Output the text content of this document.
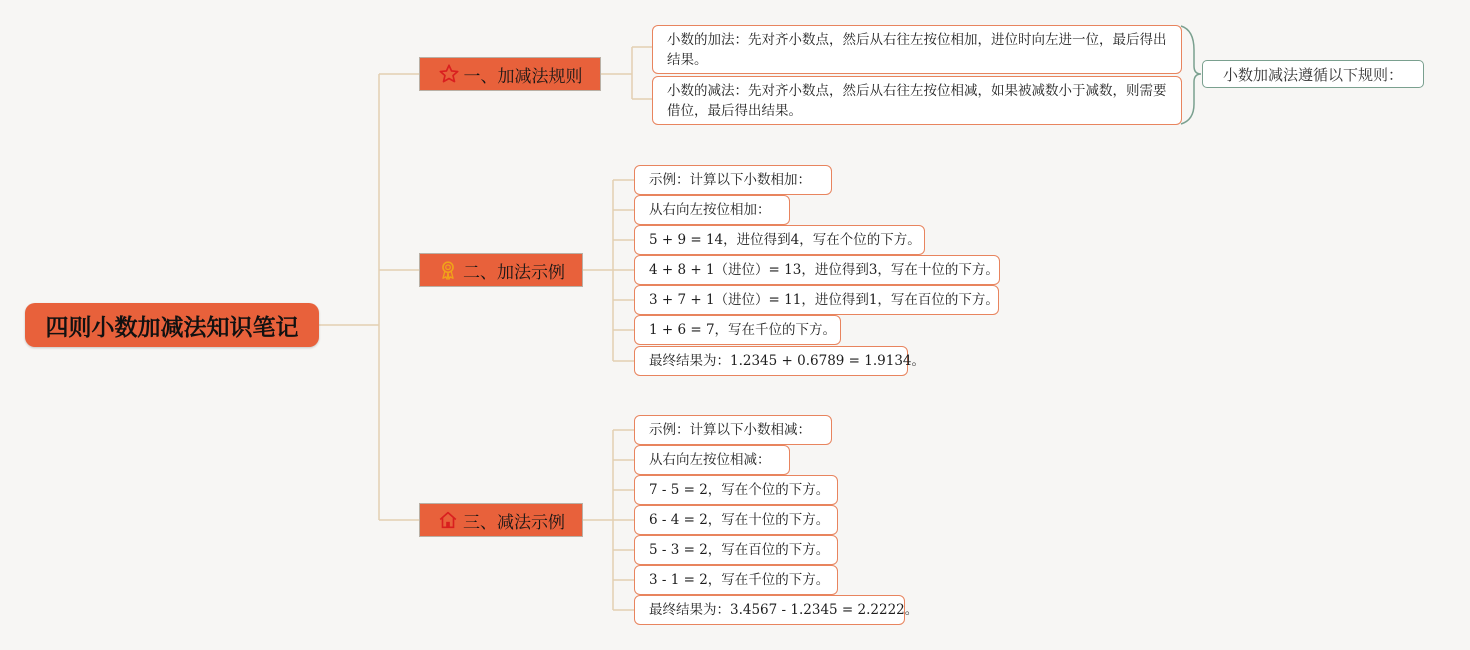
四则小数加减法知识笔记
一、加减法规则
小数的加法：先对齐小数点，然后从右往左按位相加，进位时向左进一位，最后得出结果。
小数的减法：先对齐小数点，然后从右往左按位相减，如果被减数小于减数，则需要借位，最后得出结果。
小数加减法遵循以下规则：
二、加法示例
示例：计算以下小数相加：
从右向左按位相加：
5 + 9 = 14，进位得到4，写在个位的下方。
4 + 8 + 1（进位）= 13，进位得到3，写在十位的下方。
3 + 7 + 1（进位）= 11，进位得到1，写在百位的下方。
1 + 6 = 7，写在千位的下方。
最终结果为：1.2345 + 0.6789 = 1.9134。
三、减法示例
示例：计算以下小数相减：
从右向左按位相减：
7 - 5 = 2，写在个位的下方。
6 - 4 = 2，写在十位的下方。
5 - 3 = 2，写在百位的下方。
3 - 1 = 2，写在千位的下方。
最终结果为：3.4567 - 1.2345 = 2.2222。
